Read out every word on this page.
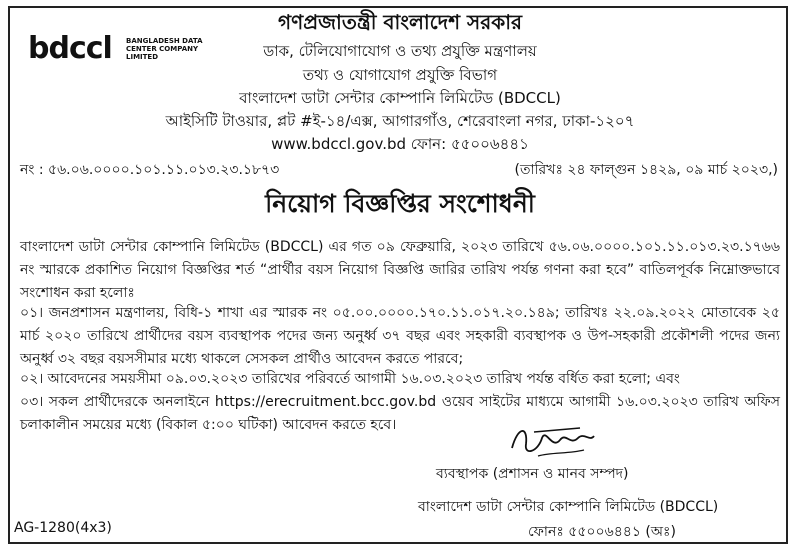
bdccl BANGLADESH DATA CENTER COMPANY LIMITED
গণপ্রজাতন্ত্রী বাংলাদেশ সরকার
ডাক, টেলিযোগাযোগ ও তথ্য প্রযুক্তি মন্ত্রণালয়
তথ্য ও যোগাযোগ প্রযুক্তি বিভাগ
বাংলাদেশ ডাটা সেন্টার কোম্পানি লিমিটেড (BDCCL)
আইসিটি টাওয়ার, প্লট #ই-১৪/এক্স, আগারগাঁও, শেরেবাংলা নগর, ঢাকা-১২০৭
www.bdccl.gov.bd ফোন: ৫৫০০৬৪৪১
নং : ৫৬.০৬.০০০০.১০১.১১.০১৩.২৩.১৮৭৩	(তারিখঃ ২৪ ফাল্গুন ১৪২৯, ০৯ মার্চ ২০২৩,)
নিয়োগ বিজ্ঞপ্তির সংশোধনী
বাংলাদেশ ডাটা সেন্টার কোম্পানি লিমিটেড (BDCCL) এর গত ০৯ ফেব্রুয়ারি, ২০২৩ তারিখে ৫৬.০৬.০০০০.১০১.১১.০১৩.২৩.১৭৬৬ নং স্মারকে প্রকাশিত নিয়োগ বিজ্ঞপ্তির শর্ত “প্রার্থীর বয়স নিয়োগ বিজ্ঞপ্তি জারির তারিখ পর্যন্ত গণনা করা হবে” বাতিলপূর্বক নিম্নোক্তভাবে সংশোধন করা হলোঃ
০১। জনপ্রশাসন মন্ত্রণালয়, বিধি-১ শাখা এর স্মারক নং ০৫.০০.০০০০.১৭০.১১.০১৭.২০.১৪৯; তারিখঃ ২২.০৯.২০২২ মোতাবেক ২৫ মার্চ ২০২০ তারিখে প্রার্থীদের বয়স ব্যবস্থাপক পদের জন্য অনুর্ধ্ব ৩৭ বছর এবং সহকারী ব্যবস্থাপক ও উপ-সহকারী প্রকৌশলী পদের জন্য অনুর্ধ্ব ৩২ বছর বয়সসীমার মধ্যে থাকলে সেসকল প্রার্থীও আবেদন করতে পারবে;
০২। আবেদনের সময়সীমা ০৯.০৩.২০২৩ তারিখের পরিবর্তে আগামী ১৬.০৩.২০২৩ তারিখ পর্যন্ত বর্ধিত করা হলো; এবং
০৩। সকল প্রার্থীদেরকে অনলাইনে https://erecruitment.bcc.gov.bd ওয়েব সাইটের মাধ্যমে আগামী ১৬.০৩.২০২৩ তারিখ অফিস চলাকালীন সময়ের মধ্যে (বিকাল ৫:০০ ঘটিকা) আবেদন করতে হবে।
ব্যবস্থাপক (প্রশাসন ও মানব সম্পদ)
বাংলাদেশ ডাটা সেন্টার কোম্পানি লিমিটেড (BDCCL)
ফোনঃ ৫৫০০৬৪৪১ (অঃ)
AG-1280(4x3)
